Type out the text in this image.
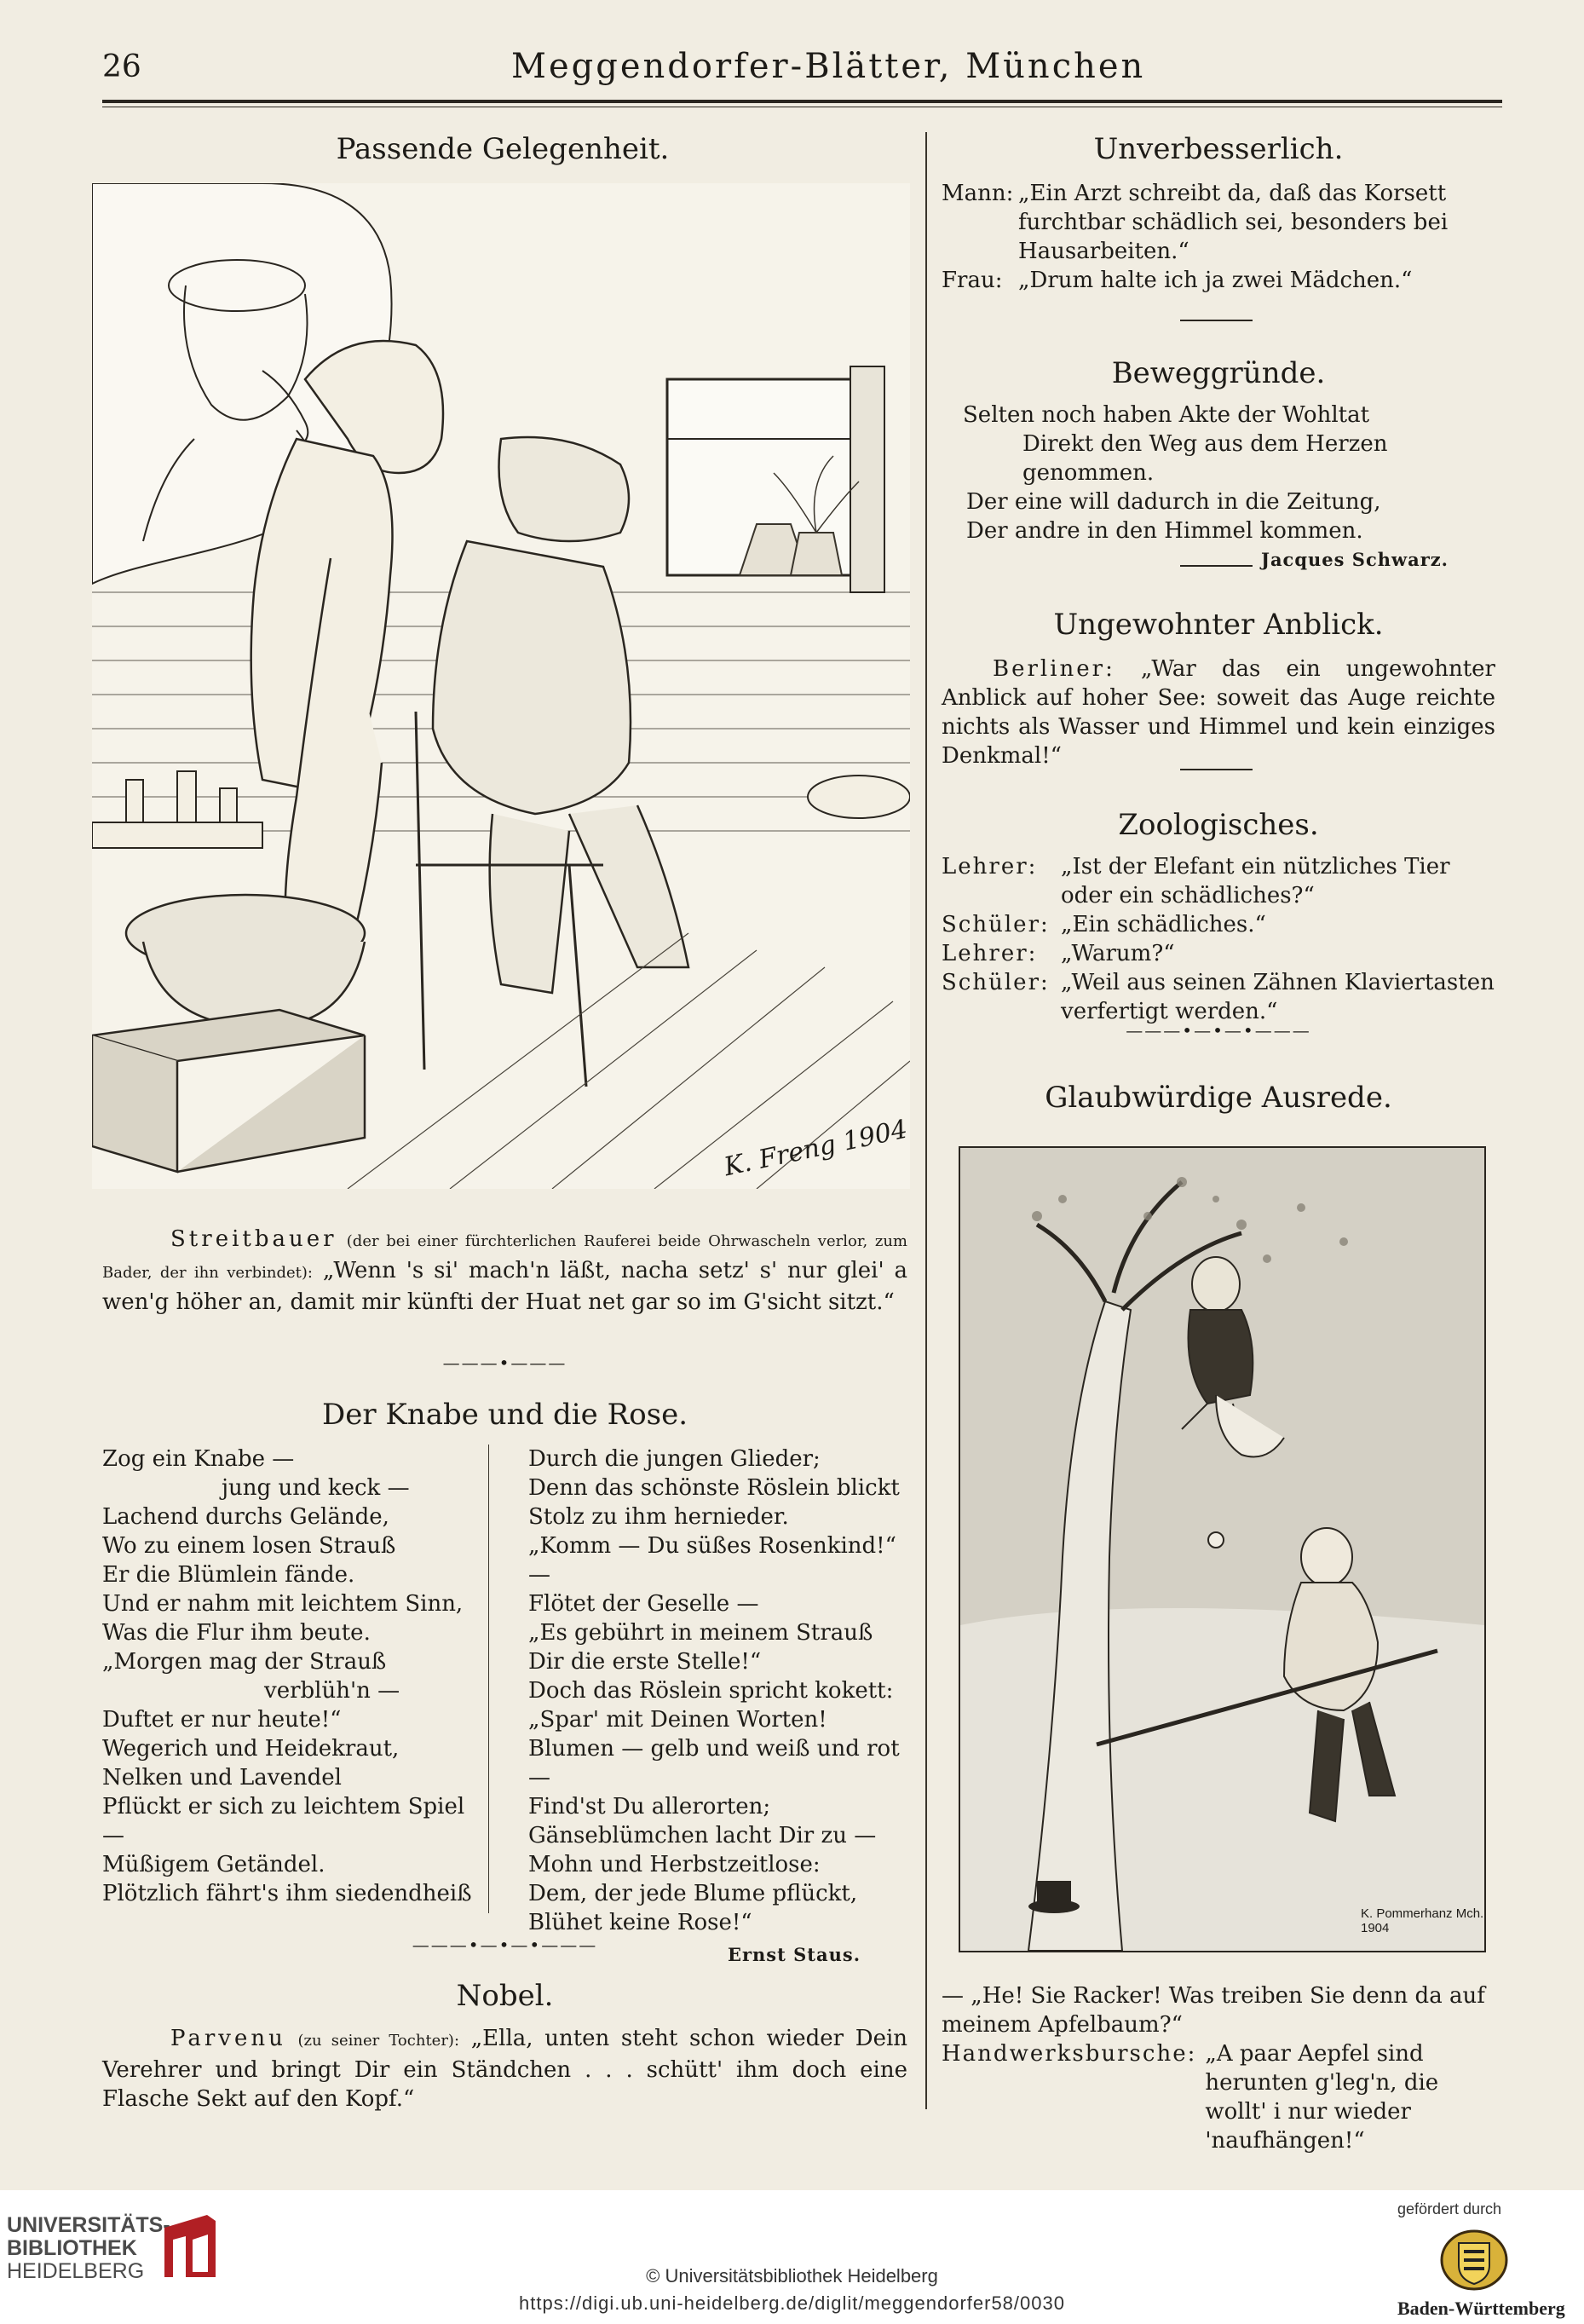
26	Meggendorfer-Blätter, München
Passende Gelegenheit.
K. Freng 1904
Streitbauer (der bei einer fürchterlichen Rauferei beide Ohrwascheln verlor, zum Bader, der ihn verbindet): „Wenn 's si' mach'n läßt, nacha setz' s' nur glei' a wen'g höher an, damit mir künfti der Huat net gar so im G'sicht sitzt.“
———•———
Der Knabe und die Rose.
Zog ein Knabe —
jung und keck —
Lachend durchs Gelände,
Wo zu einem losen Strauß
Er die Blümlein fände.
Und er nahm mit leichtem Sinn,
Was die Flur ihm beute.
„Morgen mag der Strauß
verblüh'n —
Duftet er nur heute!“
Wegerich und Heidekraut,
Nelken und Lavendel
Pflückt er sich zu leichtem Spiel —
Müßigem Getändel.
Plötzlich fährt's ihm siedendheiß
Durch die jungen Glieder;
Denn das schönste Röslein blickt
Stolz zu ihm hernieder.
„Komm — Du süßes Rosenkind!“ —
Flötet der Geselle —
„Es gebührt in meinem Strauß
Dir die erste Stelle!“
Doch das Röslein spricht kokett:
„Spar' mit Deinen Worten!
Blumen — gelb und weiß und rot —
Find'st Du allerorten;
Gänseblümchen lacht Dir zu —
Mohn und Herbstzeitlose:
Dem, der jede Blume pflückt,
Blühet keine Rose!“
Ernst Staus.
———•—•—•———
Nobel.
Parvenu (zu seiner Tochter): „Ella, unten steht schon wieder Dein Verehrer und bringt Dir ein Ständchen . . . schütt' ihm doch eine Flasche Sekt auf den Kopf.“
Unverbesserlich.
Mann: „Ein Arzt schreibt da, daß das Korsett furchtbar schädlich sei, besonders bei Hausarbeiten.“
Frau: „Drum halte ich ja zwei Mädchen.“
Beweggründe.
Selten noch haben Akte der Wohltat
Direkt den Weg aus dem Herzen genommen.
Der eine will dadurch in die Zeitung,
Der andre in den Himmel kommen.
Jacques Schwarz.
Ungewohnter Anblick.
Berliner: „War das ein ungewohnter Anblick auf hoher See: soweit das Auge reichte nichts als Wasser und Himmel und kein einziges Denkmal!“
Zoologisches.
Lehrer:	„Ist der Elefant ein nützliches Tier oder ein schädliches?“
Schüler: „Ein schädliches.“
Lehrer:	„Warum?“
Schüler: „Weil aus seinen Zähnen Klaviertasten verfertigt werden.“
———•—•—•———
Glaubwürdige Ausrede.
K. Pommerhanz Mch. 1904
— „He! Sie Racker! Was treiben Sie denn da auf meinem Apfelbaum?“
Handwerksbursche: „A paar Aepfel sind herunten g'leg'n, die wollt' i nur wieder 'naufhängen!“
UNIVERSITÄTS-
BIBLIOTHEK
HEIDELBERG	© Universitätsbibliothek Heidelberg
https://digi.ub.uni-heidelberg.de/diglit/meggendorfer58/0030
gefördert durch
Baden-Württemberg
